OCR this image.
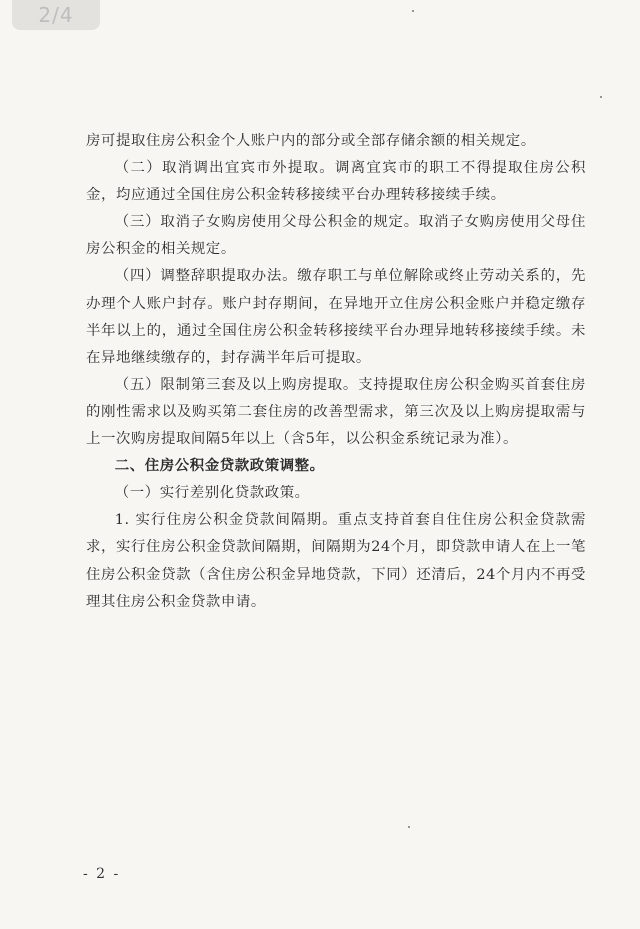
2/4

房可提取住房公积金个人账户内的部分或全部存储余额的相关规定。

（二）取消调出宜宾市外提取。调离宜宾市的职工不得提取住房公积金，均应通过全国住房公积金转移接续平台办理转移接续手续。

（三）取消子女购房使用父母公积金的规定。取消子女购房使用父母住房公积金的相关规定。

（四）调整辞职提取办法。缴存职工与单位解除或终止劳动关系的，先办理个人账户封存。账户封存期间，在异地开立住房公积金账户并稳定缴存半年以上的，通过全国住房公积金转移接续平台办理异地转移接续手续。未在异地继续缴存的，封存满半年后可提取。

（五）限制第三套及以上购房提取。支持提取住房公积金购买首套住房的刚性需求以及购买第二套住房的改善型需求，第三次及以上购房提取需与上一次购房提取间隔5年以上（含5年，以公积金系统记录为准）。

二、住房公积金贷款政策调整。

（一）实行差别化贷款政策。

1. 实行住房公积金贷款间隔期。重点支持首套自住住房公积金贷款需求，实行住房公积金贷款间隔期，间隔期为24个月，即贷款申请人在上一笔住房公积金贷款（含住房公积金异地贷款，下同）还清后，24个月内不再受理其住房公积金贷款申请。

- 2 -
